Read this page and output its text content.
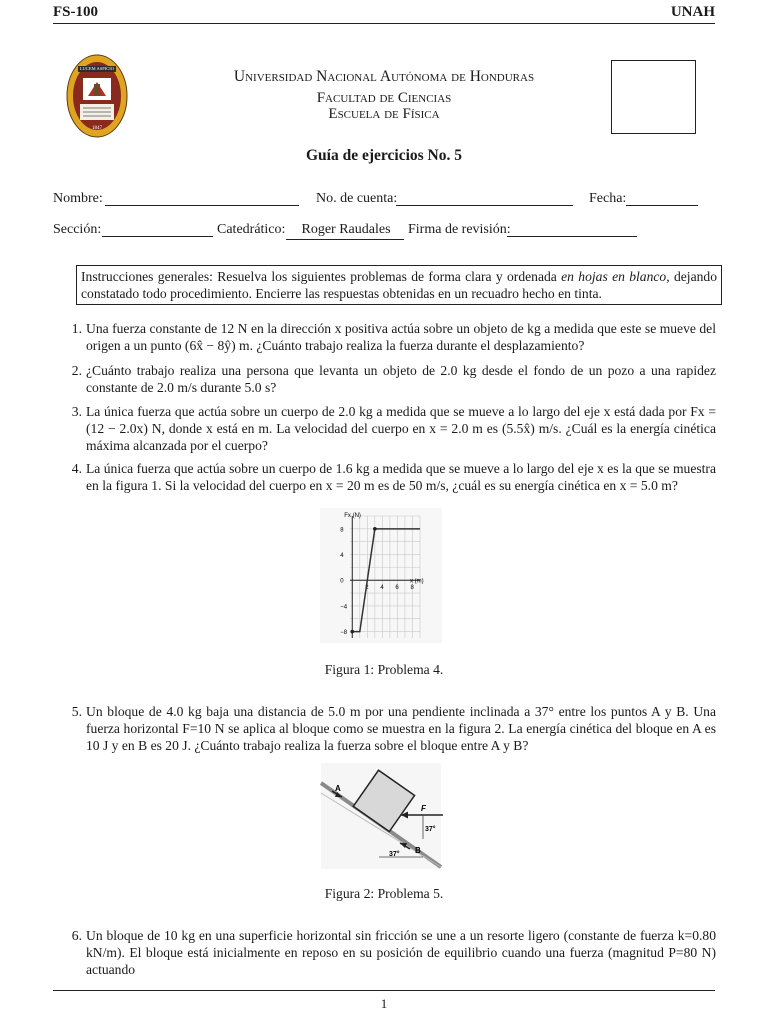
FS-100	UNAH
LUCEM ASPICIO
1847
Universidad Nacional Autónoma de Honduras
Facultad de Ciencias
Escuela de Física
Guía de ejercicios No. 5
Nombre:	No. de cuenta:	Fecha:
Sección:	Catedrático:	Roger Raudales	Firma de revisión:
Instrucciones generales: Resuelva los siguientes problemas de forma clara y ordenada en hojas en blanco, dejando constatado todo procedimiento. Encierre las respuestas obtenidas en un recuadro hecho en tinta.
1. Una fuerza constante de 12 N en la dirección x positiva actúa sobre un objeto de kg a medida que este se mueve del origen a un punto (6x̂ − 8ŷ) m. ¿Cuánto trabajo realiza la fuerza durante el desplazamiento?
2. ¿Cuánto trabajo realiza una persona que levanta un objeto de 2.0 kg desde el fondo de un pozo a una rapidez constante de 2.0 m/s durante 5.0 s?
3. La única fuerza que actúa sobre un cuerpo de 2.0 kg a medida que se mueve a lo largo del eje x está dada por Fx = (12 − 2.0x) N, donde x está en m. La velocidad del cuerpo en x = 2.0 m es (5.5x̂) m/s. ¿Cuál es la energía cinética máxima alcanzada por el cuerpo?
4. La única fuerza que actúa sobre un cuerpo de 1.6 kg a medida que se mueve a lo largo del eje x es la que se muestra en la figura 1. Si la velocidad del cuerpo en x = 20 m es de 50 m/s, ¿cuál es su energía cinética en x = 5.0 m?
8
4
0
−4
−8
2 4 6 8
Fx (N)
x (m)
Figura 1: Problema 4.
5. Un bloque de 4.0 kg baja una distancia de 5.0 m por una pendiente inclinada a 37° entre los puntos A y B. Una fuerza horizontal F=10 N se aplica al bloque como se muestra en la figura 2. La energía cinética del bloque en A es 10 J y en B es 20 J. ¿Cuánto trabajo realiza la fuerza sobre el bloque entre A y B?
A
B
F
37°
37°
Figura 2: Problema 5.
6. Un bloque de 10 kg en una superficie horizontal sin fricción se une a un resorte ligero (constante de fuerza k=0.80 kN/m). El bloque está inicialmente en reposo en su posición de equilibrio cuando una fuerza (magnitud P=80 N) actuando
1
